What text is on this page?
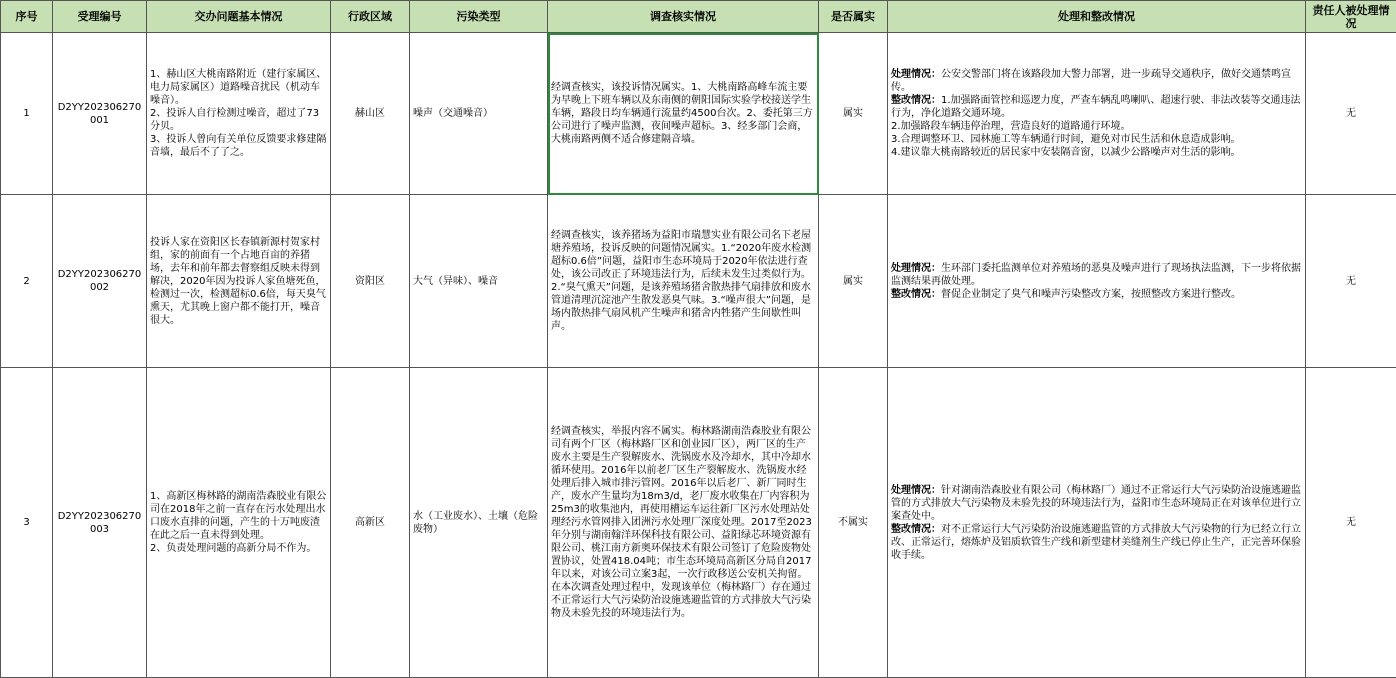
序号	受理编号	交办问题基本情况	行政区域	污染类型	调查核实情况	是否属实	处理和整改情况	责任人被处理情况
1	D2YY202306270001	1、赫山区大桃南路附近（建行家属区、电力局家属区）道路噪音扰民（机动车噪音）。
2、投诉人自行检测过噪音，超过了73分贝。
3、投诉人曾向有关单位反馈要求修建隔音墙，最后不了了之。	赫山区	噪声（交通噪音）	经调查核实，该投诉情况属实。1、大桃南路高峰车流主要为早晚上下班车辆以及东南侧的朝阳国际实验学校接送学生车辆，路段日均车辆通行流量约4500台次。2、委托第三方公司进行了噪声监测，夜间噪声超标。3、经多部门会商，大桃南路两侧不适合修建隔音墙。	属实	处理情况：公安交警部门将在该路段加大警力部署，进一步疏导交通秩序，做好交通禁鸣宣传。
整改情况：1.加强路面管控和巡逻力度，严查车辆乱鸣喇叭、超速行驶、非法改装等交通违法行为，净化道路交通环境。
2.加强路段车辆违停治理，营造良好的道路通行环境。
3.合理调整环卫、园林施工等车辆通行时间，避免对市民生活和休息造成影响。
4.建议靠大桃南路较近的居民家中安装隔音窗，以减少公路噪声对生活的影响。	无
2	D2YY202306270002	投诉人家在资阳区长春镇新源村贺家村组，家的前面有一个占地百亩的养猪场，去年和前年都去督察组反映未得到解决，2020年因为投诉人家鱼塘死鱼，检测过一次，检测超标0.6倍，每天臭气熏天，尤其晚上窗户都不能打开，噪音很大。	资阳区	大气（异味）、噪音	经调查核实，该养猪场为益阳市瑞慧实业有限公司名下老屋塘养殖场，投诉反映的问题情况属实。1.“2020年废水检测超标0.6倍”问题，益阳市生态环境局于2020年依法进行查处，该公司改正了环境违法行为，后续未发生过类似行为。2.“臭气熏天”问题，是该养殖场猪舍散热排气扇排放和废水管道清理沉淀池产生散发恶臭气味。3.“噪声很大”问题，是场内散热排气扇风机产生噪声和猪舍内牲猪产生间歇性叫声。	属实	处理情况：生环部门委托监测单位对养殖场的恶臭及噪声进行了现场执法监测，下一步将依据监测结果再做处理。
整改情况：督促企业制定了臭气和噪声污染整改方案，按照整改方案进行整改。	无
3	D2YY202306270003	1、高新区梅林路的湖南浩森胶业有限公司在2018年之前一直存在污水处理出水口废水直排的问题，产生的十万吨废渣在此之后一直未得到处理。
2、负责处理问题的高新分局不作为。	高新区	水（工业废水）、土壤（危险废物）	经调查核实，举报内容不属实。梅林路湖南浩森胶业有限公司有两个厂区（梅林路厂区和创业园厂区），两厂区的生产废水主要是生产裂解废水、洗锅废水及冷却水，其中冷却水循环使用。2016年以前老厂区生产裂解废水、洗锅废水经处理后排入城市排污管网。2016年以后老厂、新厂同时生产，废水产生量均为18m3/d，老厂废水收集在厂内容积为25m3的收集池内，再使用槽运车运往新厂区污水处理站处理经污水管网排入团洲污水处理厂深度处理。2017至2023年分别与湖南翰洋环保科技有限公司、益阳绿芯环境资源有限公司、桃江南方新奥环保技术有限公司签订了危险废物处置协议，处置418.04吨；市生态环境局高新区分局自2017年以来，对该公司立案3起，一次行政移送公安机关拘留。在本次调查处理过程中，发现该单位（梅林路厂）存在通过不正常运行大气污染防治设施逃避监管的方式排放大气污染物及未验先投的环境违法行为。	不属实	处理情况：针对湖南浩森胶业有限公司（梅林路厂）通过不正常运行大气污染防治设施逃避监管的方式排放大气污染物及未验先投的环境违法行为，益阳市生态环境局正在对该单位进行立案查处中。
整改情况：对不正常运行大气污染防治设施逃避监管的方式排放大气污染物的行为已经立行立改、正常运行，熔炼炉及铝质软管生产线和新型建材美缝剂生产线已停止生产，正完善环保验收手续。	无
